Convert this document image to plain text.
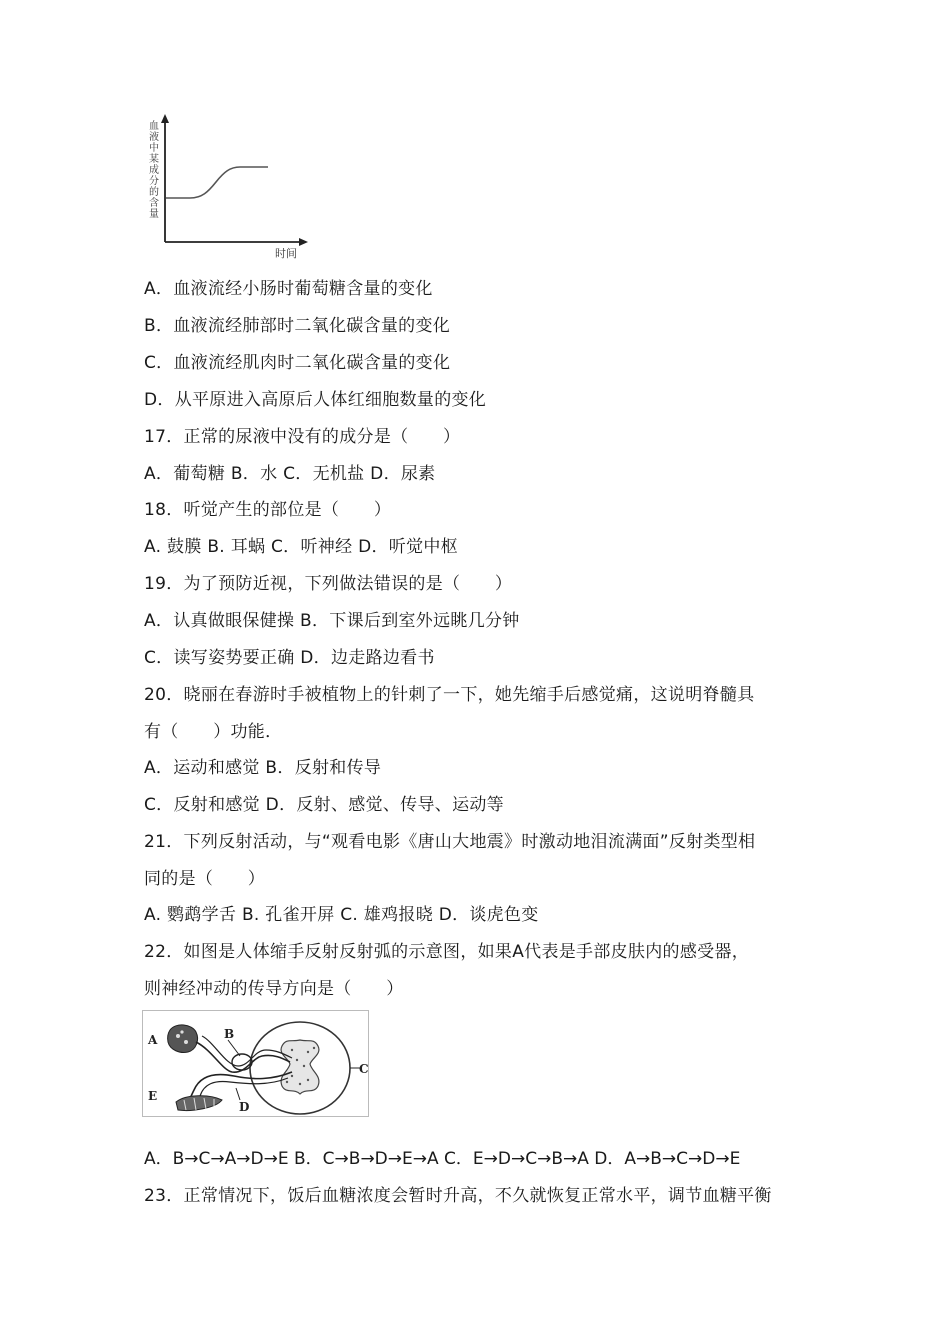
血液中某成分的含量
时间
A．血液流经小肠时葡萄糖含量的变化
B．血液流经肺部时二氧化碳含量的变化
C．血液流经肌肉时二氧化碳含量的变化
D．从平原进入高原后人体红细胞数量的变化
17．正常的尿液中没有的成分是（　　）
A．葡萄糖 B．水 C．无机盐 D．尿素
18．听觉产生的部位是（　　）
A. 鼓膜 B. 耳蜗 C．听神经 D．听觉中枢
19．为了预防近视，下列做法错误的是（　　）
A．认真做眼保健操 B．下课后到室外远眺几分钟
C．读写姿势要正确 D．边走路边看书
20．晓丽在春游时手被植物上的针刺了一下，她先缩手后感觉痛，这说明脊髓具
有（　　）功能．
A．运动和感觉 B．反射和传导
C．反射和感觉 D．反射、感觉、传导、运动等
21．下列反射活动，与“观看电影《唐山大地震》时激动地泪流满面”反射类型相
同的是（　　）
A. 鹦鹉学舌 B. 孔雀开屏 C. 雄鸡报晓 D．谈虎色变
22．如图是人体缩手反射反射弧的示意图，如果A代表是手部皮肤内的感受器，
则神经冲动的传导方向是（　　）
A	B
C
D
E
A．B→C→A→D→E B．C→B→D→E→A C．E→D→C→B→A D．A→B→C→D→E
23．正常情况下，饭后血糖浓度会暂时升高，不久就恢复正常水平，调节血糖平衡
